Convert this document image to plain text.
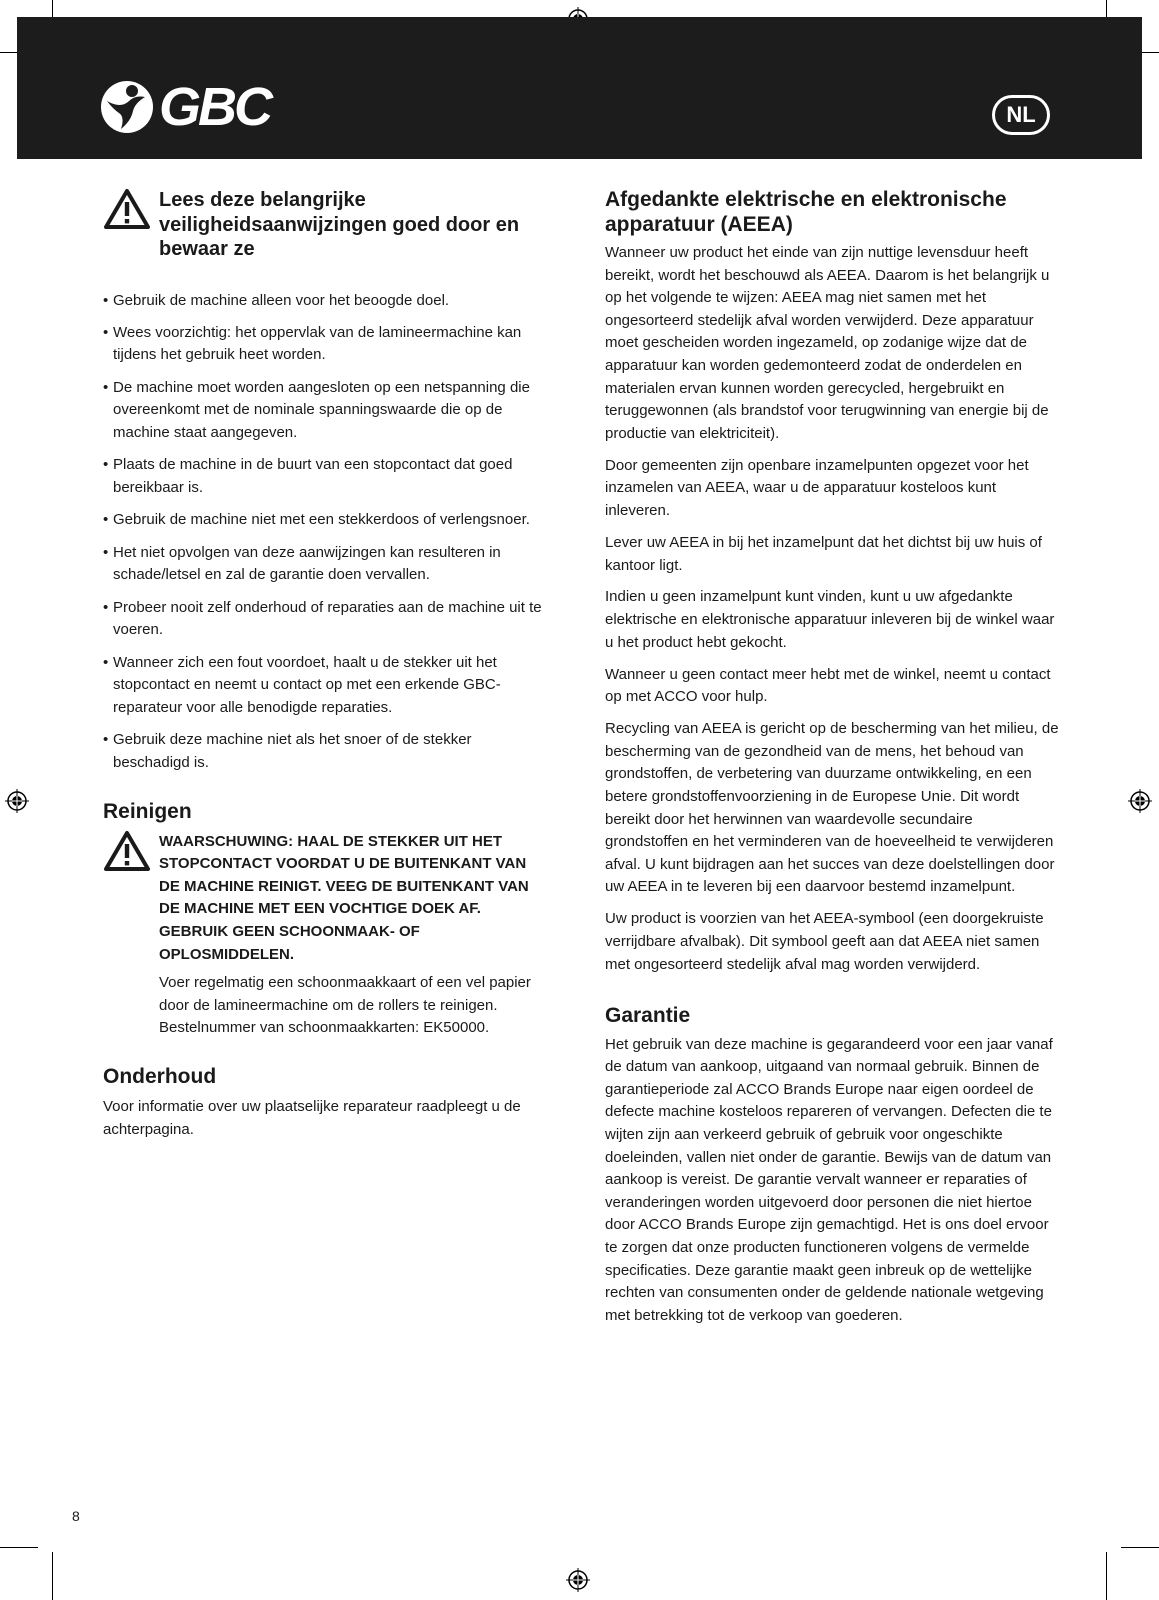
GBC	NL
Lees deze belangrijke veiligheidsaanwijzingen goed door en bewaar ze
• Gebruik de machine alleen voor het beoogde doel.
• Wees voorzichtig: het oppervlak van de lamineermachine kan tijdens het gebruik heet worden.
• De machine moet worden aangesloten op een netspanning die overeenkomt met de nominale spanningswaarde die op de machine staat aangegeven.
• Plaats de machine in de buurt van een stopcontact dat goed bereikbaar is.
• Gebruik de machine niet met een stekkerdoos of verlengsnoer.
• Het niet opvolgen van deze aanwijzingen kan resulteren in schade/letsel en zal de garantie doen vervallen.
• Probeer nooit zelf onderhoud of reparaties aan de machine uit te voeren.
• Wanneer zich een fout voordoet, haalt u de stekker uit het stopcontact en neemt u contact op met een erkende GBC-reparateur voor alle benodigde reparaties.
• Gebruik deze machine niet als het snoer of de stekker beschadigd is.
Reinigen
WAARSCHUWING: HAAL DE STEKKER UIT HET STOPCONTACT VOORDAT U DE BUITENKANT VAN DE MACHINE REINIGT. VEEG DE BUITENKANT VAN DE MACHINE MET EEN VOCHTIGE DOEK AF. GEBRUIK GEEN SCHOONMAAK- OF OPLOSMIDDELEN.

Voer regelmatig een schoonmaakkaart of een vel papier door de lamineermachine om de rollers te reinigen. Bestelnummer van schoonmaakkarten: EK50000.

Onderhoud

Voor informatie over uw plaatselijke reparateur raadpleegt u de achterpagina.

Afgedankte elektrische en elektronische apparatuur (AEEA)

Wanneer uw product het einde van zijn nuttige levensduur heeft bereikt, wordt het beschouwd als AEEA. Daarom is het belangrijk u op het volgende te wijzen: AEEA mag niet samen met het ongesorteerd stedelijk afval worden verwijderd. Deze apparatuur moet gescheiden worden ingezameld, op zodanige wijze dat de apparatuur kan worden gedemonteerd zodat de onderdelen en materialen ervan kunnen worden gerecycled, hergebruikt en teruggewonnen (als brandstof voor terugwinning van energie bij de productie van elektriciteit).

Door gemeenten zijn openbare inzamelpunten opgezet voor het inzamelen van AEEA, waar u de apparatuur kosteloos kunt inleveren.

Lever uw AEEA in bij het inzamelpunt dat het dichtst bij uw huis of kantoor ligt.

Indien u geen inzamelpunt kunt vinden, kunt u uw afgedankte elektrische en elektronische apparatuur inleveren bij de winkel waar u het product hebt gekocht.

Wanneer u geen contact meer hebt met de winkel, neemt u contact op met ACCO voor hulp.

Recycling van AEEA is gericht op de bescherming van het milieu, de bescherming van de gezondheid van de mens, het behoud van grondstoffen, de verbetering van duurzame ontwikkeling, en een betere grondstoffenvoorziening in de Europese Unie. Dit wordt bereikt door het herwinnen van waardevolle secundaire grondstoffen en het verminderen van de hoeveelheid te verwijderen afval. U kunt bijdragen aan het succes van deze doelstellingen door uw AEEA in te leveren bij een daarvoor bestemd inzamelpunt.

Uw product is voorzien van het AEEA-symbool (een doorgekruiste verrijdbare afvalbak). Dit symbool geeft aan dat AEEA niet samen met ongesorteerd stedelijk afval mag worden verwijderd.

Garantie

Het gebruik van deze machine is gegarandeerd voor een jaar vanaf de datum van aankoop, uitgaand van normaal gebruik. Binnen de garantieperiode zal ACCO Brands Europe naar eigen oordeel de defecte machine kosteloos repareren of vervangen. Defecten die te wijten zijn aan verkeerd gebruik of gebruik voor ongeschikte doeleinden, vallen niet onder de garantie. Bewijs van de datum van aankoop is vereist. De garantie vervalt wanneer er reparaties of veranderingen worden uitgevoerd door personen die niet hiertoe door ACCO Brands Europe zijn gemachtigd. Het is ons doel ervoor te zorgen dat onze producten functioneren volgens de vermelde specificaties. Deze garantie maakt geen inbreuk op de wettelijke rechten van consumenten onder de geldende nationale wetgeving met betrekking tot de verkoop van goederen.

8
